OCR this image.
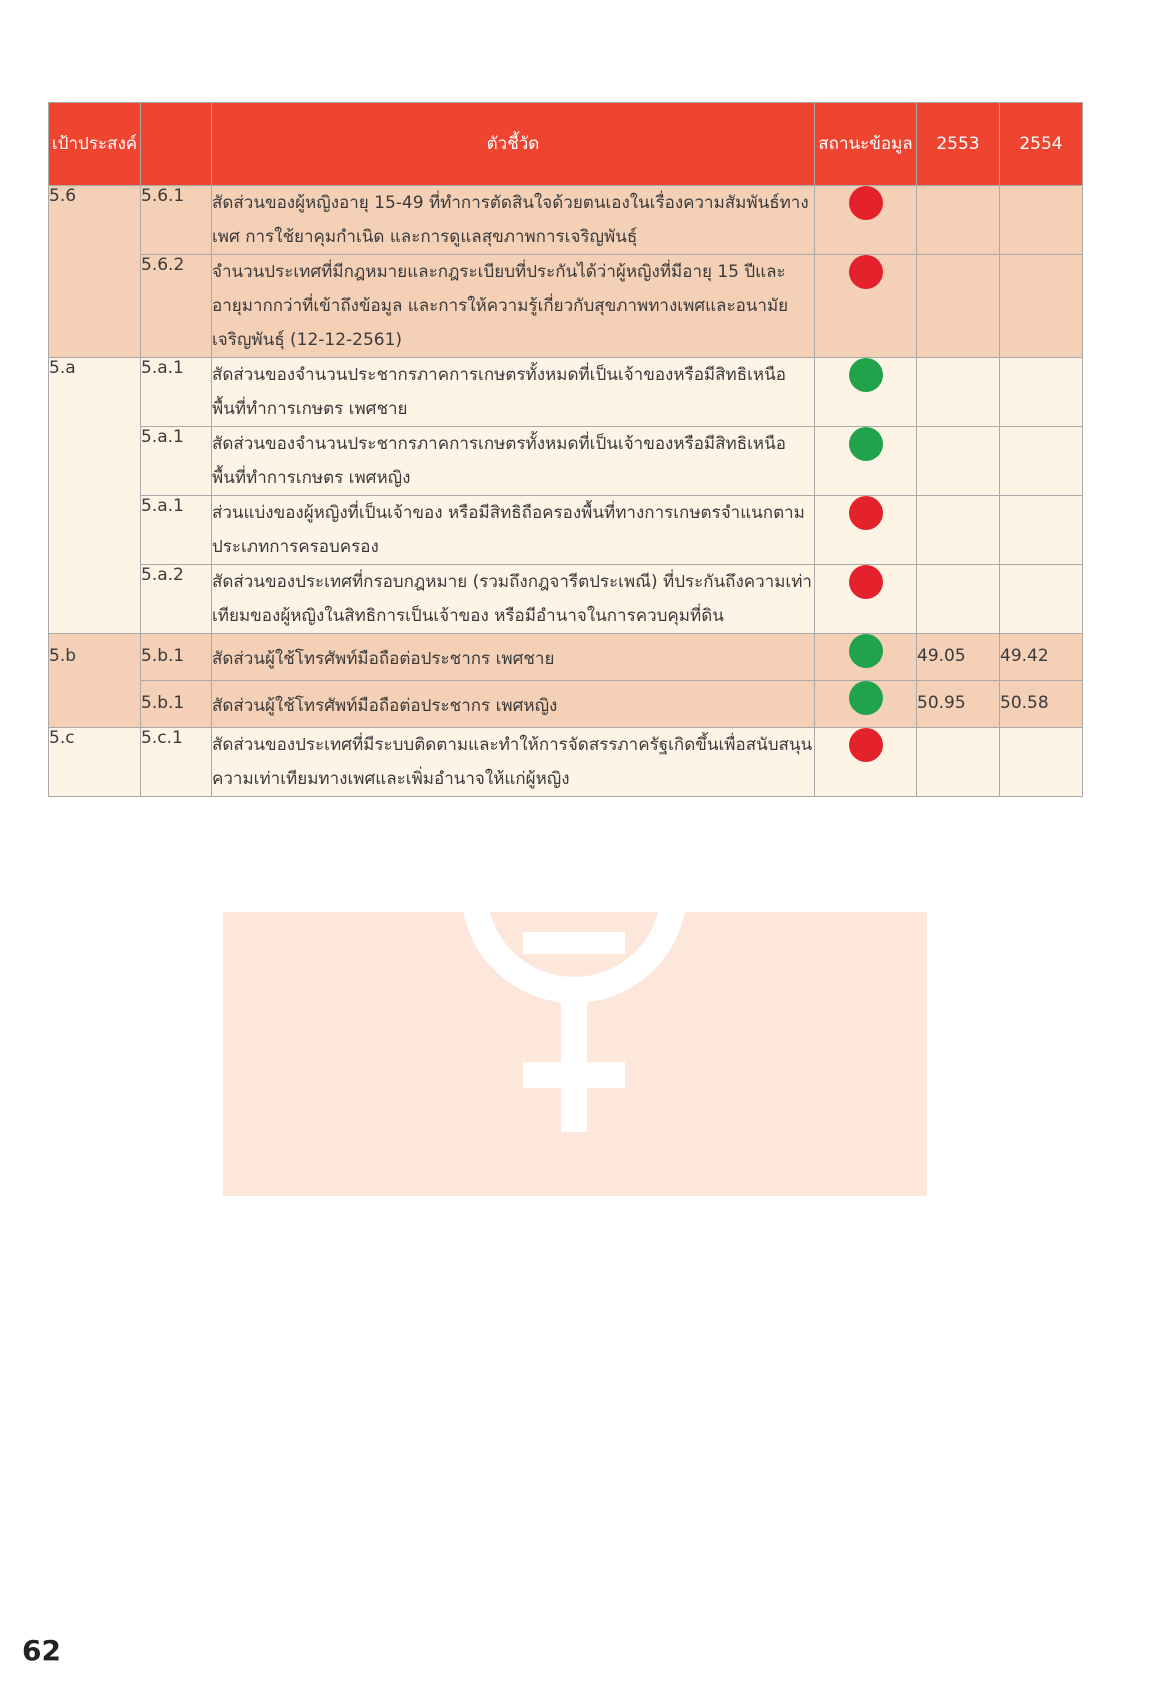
เป้าประสงค์		ตัวชี้วัด	สถานะข้อมูล	2553	2554
5.6	5.6.1	สัดส่วนของผู้หญิงอายุ 15-49 ที่ทำการตัดสินใจด้วยตนเองในเรื่องความสัมพันธ์ทางเพศ การใช้ยาคุมกำเนิด และการดูแลสุขภาพการเจริญพันธุ์			
	5.6.2	จำนวนประเทศที่มีกฎหมายและกฎระเบียบที่ประกันได้ว่าผู้หญิงที่มีอายุ 15 ปีและอายุมากกว่าที่เข้าถึงข้อมูล และการให้ความรู้เกี่ยวกับสุขภาพทางเพศและอนามัยเจริญพันธุ์ (12-12-2561)			
5.a	5.a.1	สัดส่วนของจำนวนประชากรภาคการเกษตรทั้งหมดที่เป็นเจ้าของหรือมีสิทธิเหนือพื้นที่ทำการเกษตร เพศชาย			
	5.a.1	สัดส่วนของจำนวนประชากรภาคการเกษตรทั้งหมดที่เป็นเจ้าของหรือมีสิทธิเหนือพื้นที่ทำการเกษตร เพศหญิง			
	5.a.1	ส่วนแบ่งของผู้หญิงที่เป็นเจ้าของ หรือมีสิทธิถือครองพื้นที่ทางการเกษตรจำแนกตามประเภทการครอบครอง			
	5.a.2	สัดส่วนของประเทศที่กรอบกฎหมาย (รวมถึงกฎจารีตประเพณี) ที่ประกันถึงความเท่าเทียมของผู้หญิงในสิทธิการเป็นเจ้าของ หรือมีอำนาจในการควบคุมที่ดิน			
5.b	5.b.1	สัดส่วนผู้ใช้โทรศัพท์มือถือต่อประชากร เพศชาย		49.05	49.42
	5.b.1	สัดส่วนผู้ใช้โทรศัพท์มือถือต่อประชากร เพศหญิง		50.95	50.58
5.c	5.c.1	สัดส่วนของประเทศที่มีระบบติดตามและทำให้การจัดสรรภาครัฐเกิดขึ้นเพื่อสนับสนุนความเท่าเทียมทางเพศและเพิ่มอำนาจให้แก่ผู้หญิง			
62
